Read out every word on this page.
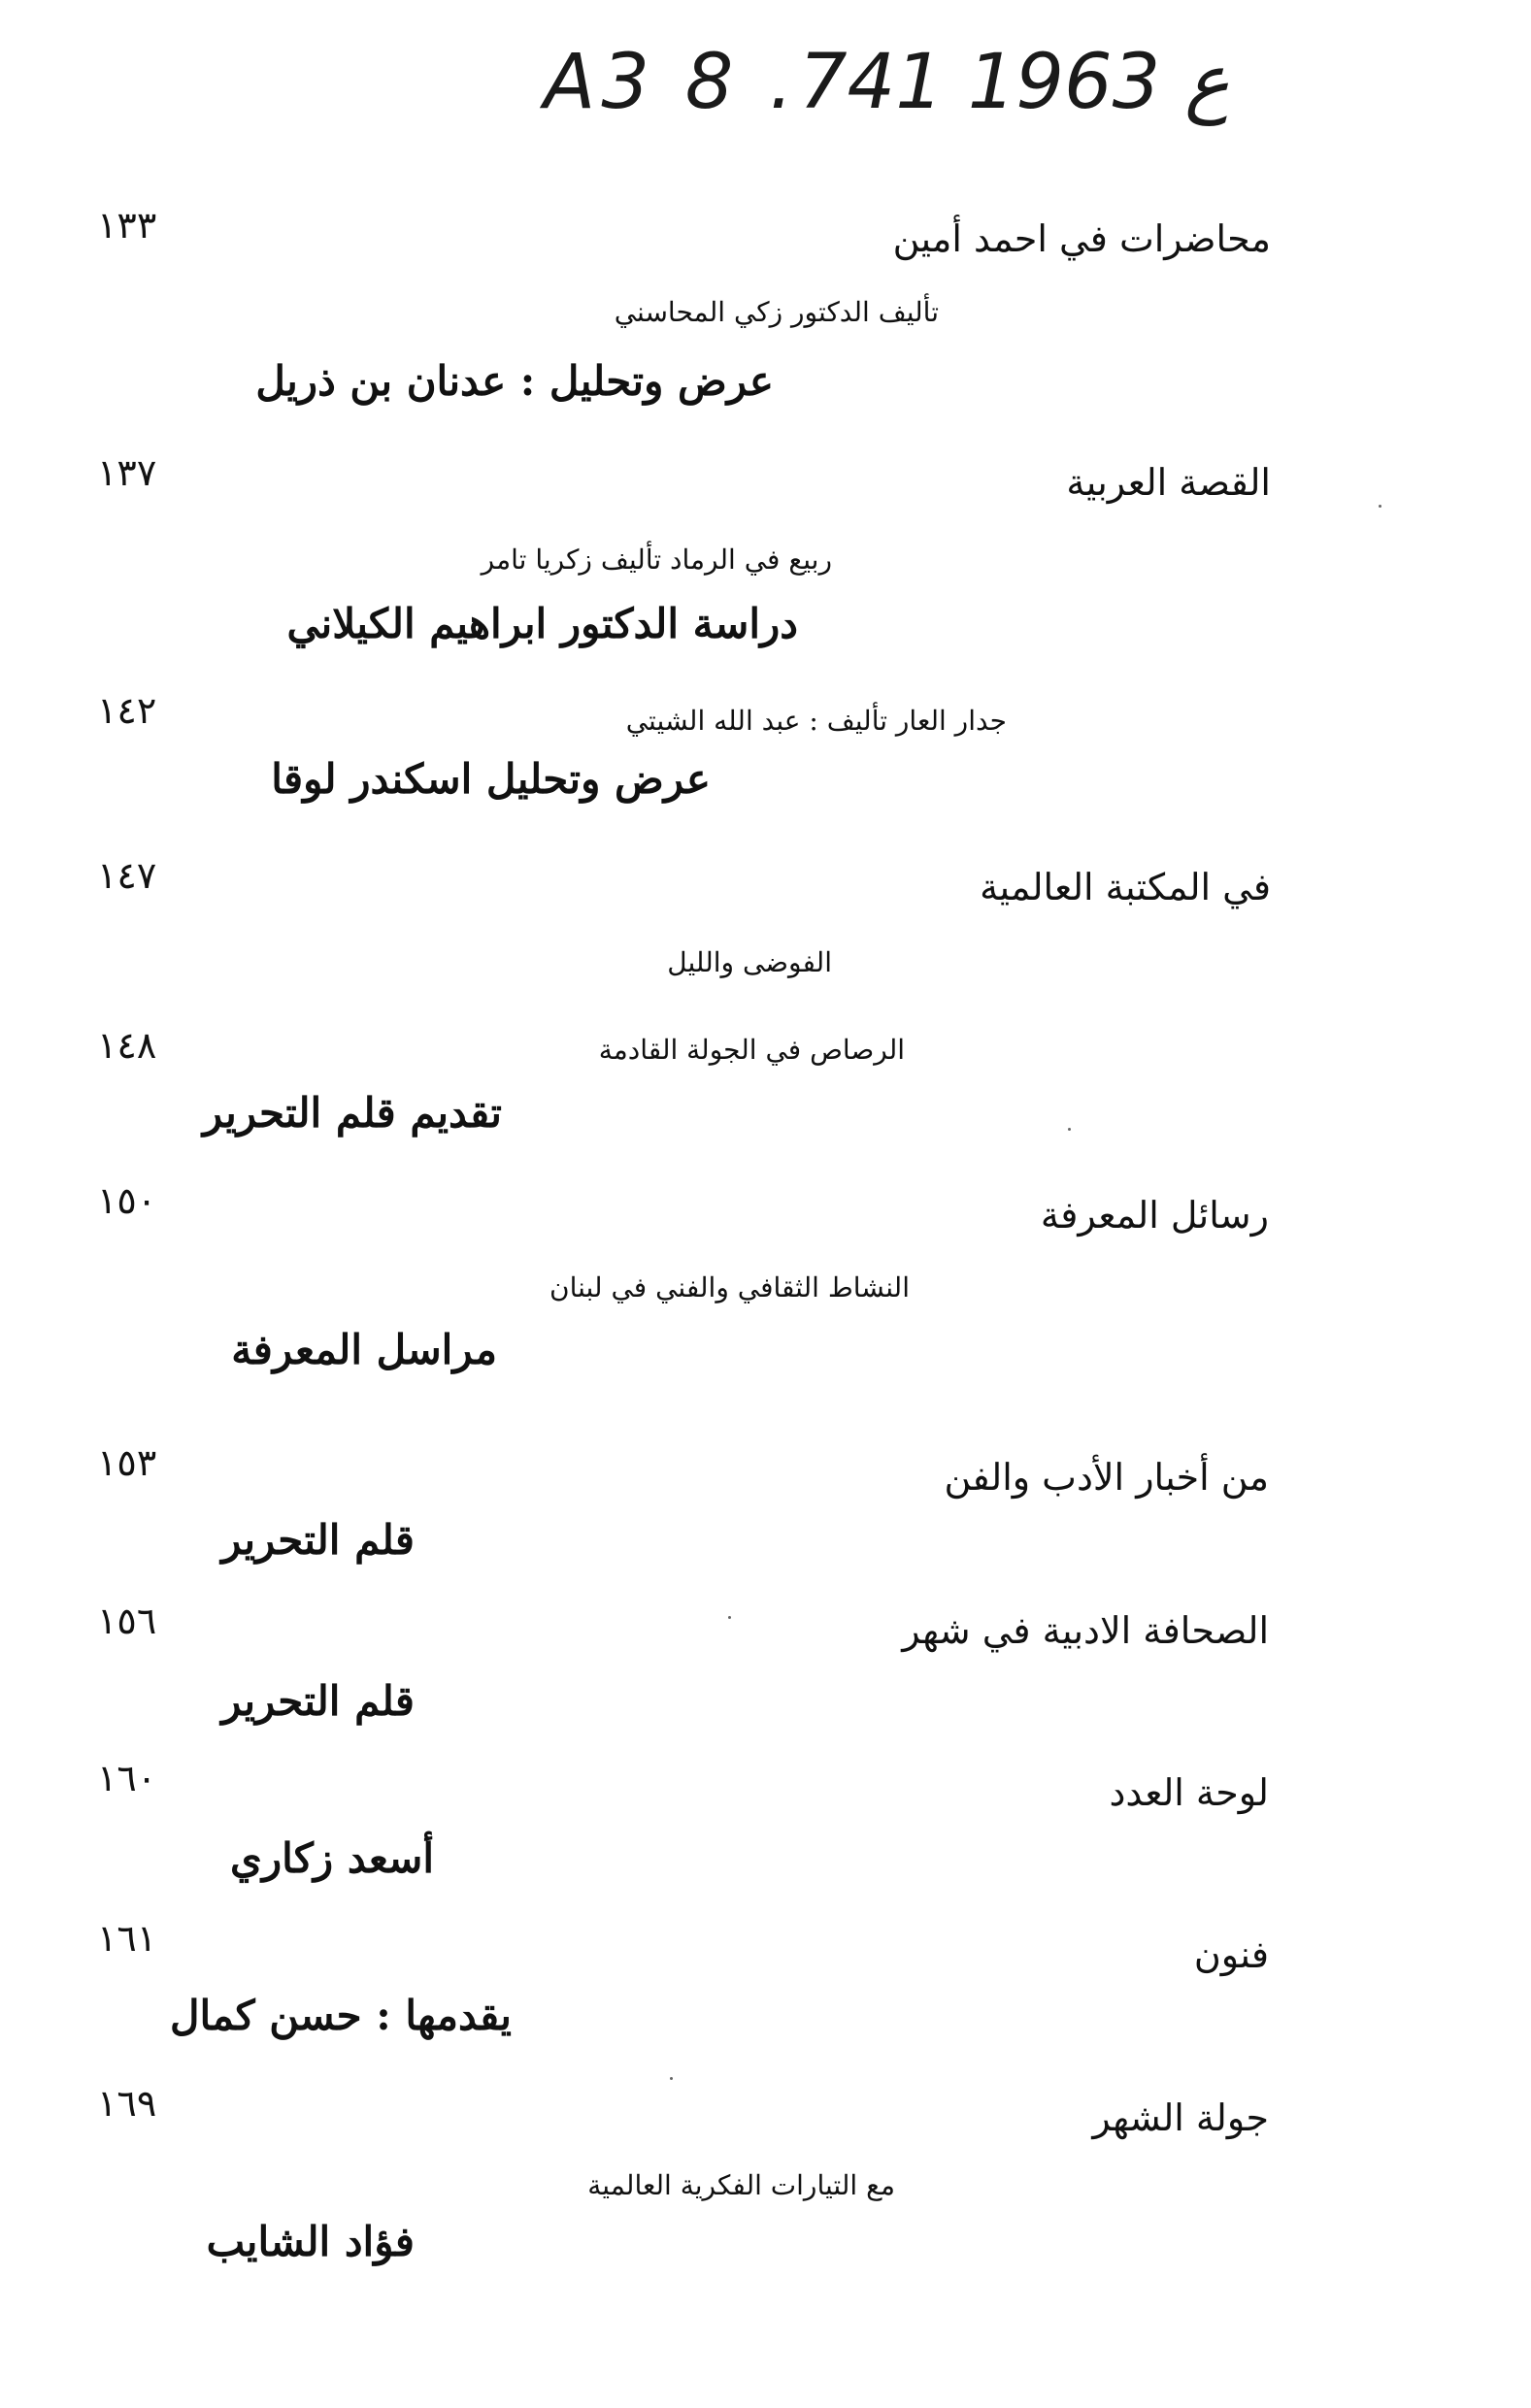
A3 8 .ع 1963 741
محاضرات في احمد أمين
١٣٣
تأليف الدكتور زكي المحاسني
عرض وتحليل : عدنان بن ذريل
القصة العربية
١٣٧
ربيع في الرماد تأليف زكريا تامر
دراسة الدكتور ابراهيم الكيلاني
جدار العار تأليف : عبد الله الشيتي
١٤٢
عرض وتحليل اسكندر لوقا
في المكتبة العالمية
١٤٧
الفوضى والليل
الرصاص في الجولة القادمة
١٤٨
تقديم قلم التحرير
رسائل المعرفة
١٥٠
النشاط الثقافي والفني في لبنان
مراسل المعرفة
من أخبار الأدب والفن
١٥٣
قلم التحرير
الصحافة الادبية في شهر
١٥٦
قلم التحرير
لوحة العدد
١٦٠
أسعد زكاري
فنون
١٦١
يقدمها : حسن كمال
جولة الشهر
١٦٩
مع التيارات الفكرية العالمية
فؤاد الشايب
